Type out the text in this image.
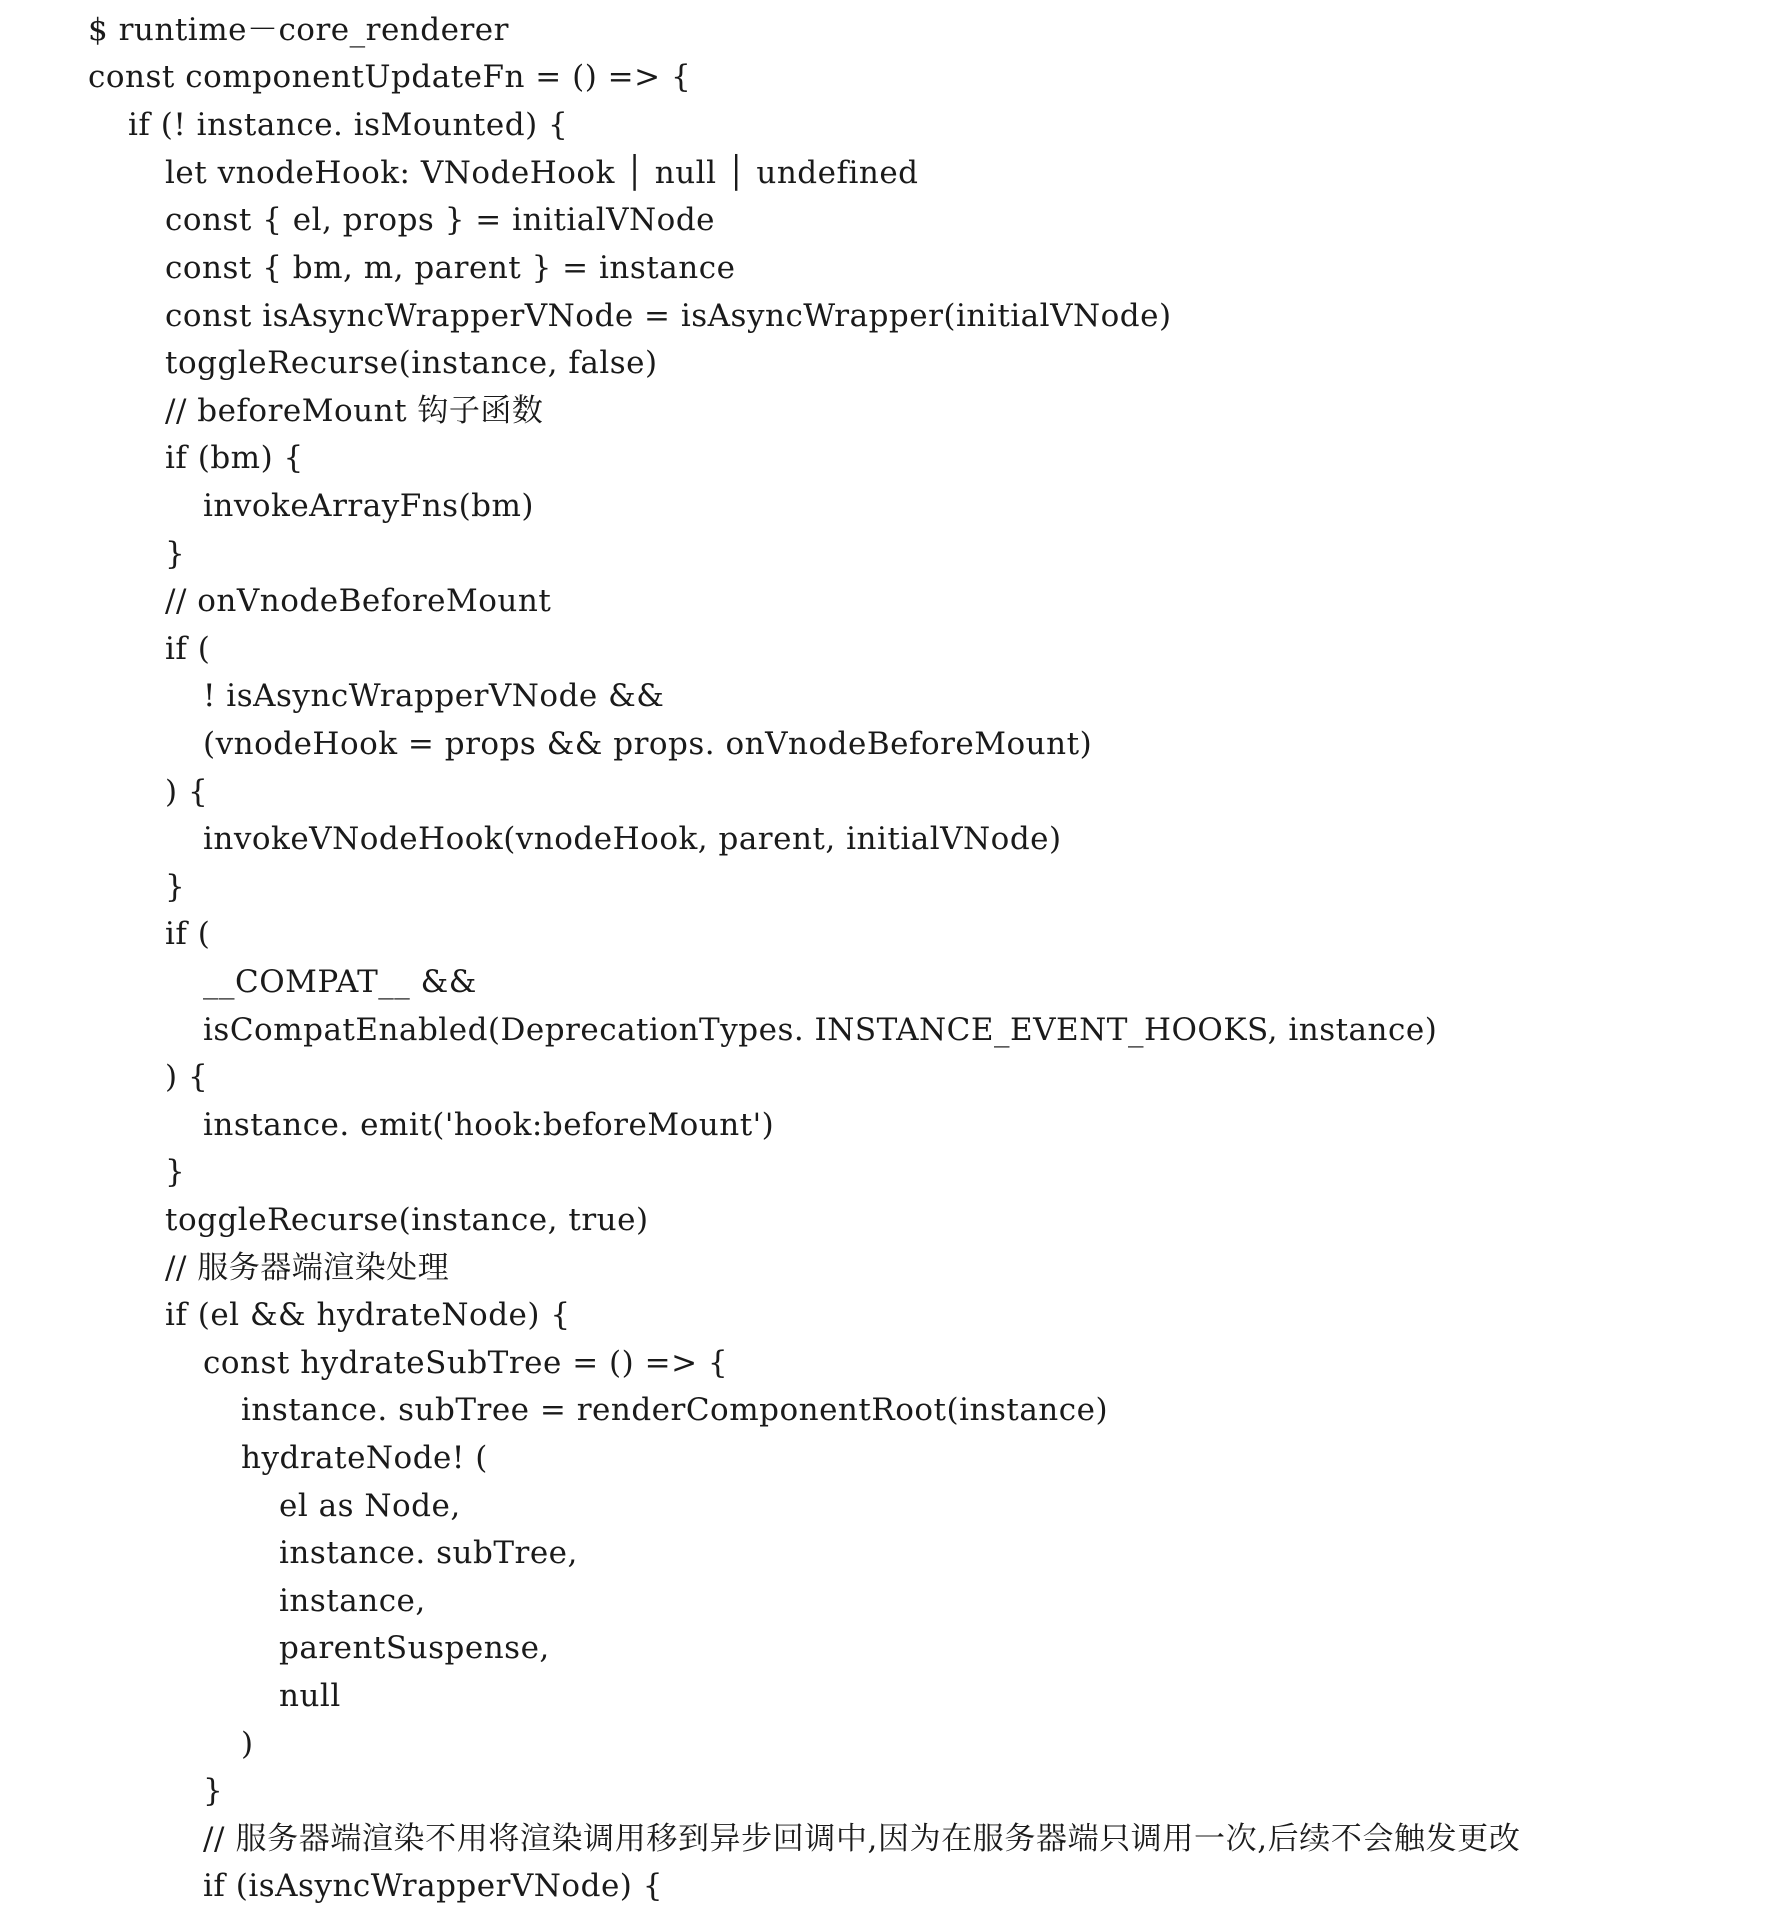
$ runtime－core_renderer
const componentUpdateFn = () => {
if (! instance. isMounted) {
let vnodeHook: VNodeHook │ null │ undefined
const { el, props } = initialVNode
const { bm, m, parent } = instance
const isAsyncWrapperVNode = isAsyncWrapper(initialVNode)
toggleRecurse(instance, false)
// beforeMount 钩子函数
if (bm) {
invokeArrayFns(bm)
}
// onVnodeBeforeMount
if (
! isAsyncWrapperVNode &&
(vnodeHook = props && props. onVnodeBeforeMount)
) {
invokeVNodeHook(vnodeHook, parent, initialVNode)
}
if (
__COMPAT__ &&
isCompatEnabled(DeprecationTypes. INSTANCE_EVENT_HOOKS, instance)
) {
instance. emit('hook:beforeMount')
}
toggleRecurse(instance, true)
// 服务器端渲染处理
if (el && hydrateNode) {
const hydrateSubTree = () => {
instance. subTree = renderComponentRoot(instance)
hydrateNode! (
el as Node,
instance. subTree,
instance,
parentSuspense,
null
)
}
// 服务器端渲染不用将渲染调用移到异步回调中,因为在服务器端只调用一次,后续不会触发更改
if (isAsyncWrapperVNode) {
